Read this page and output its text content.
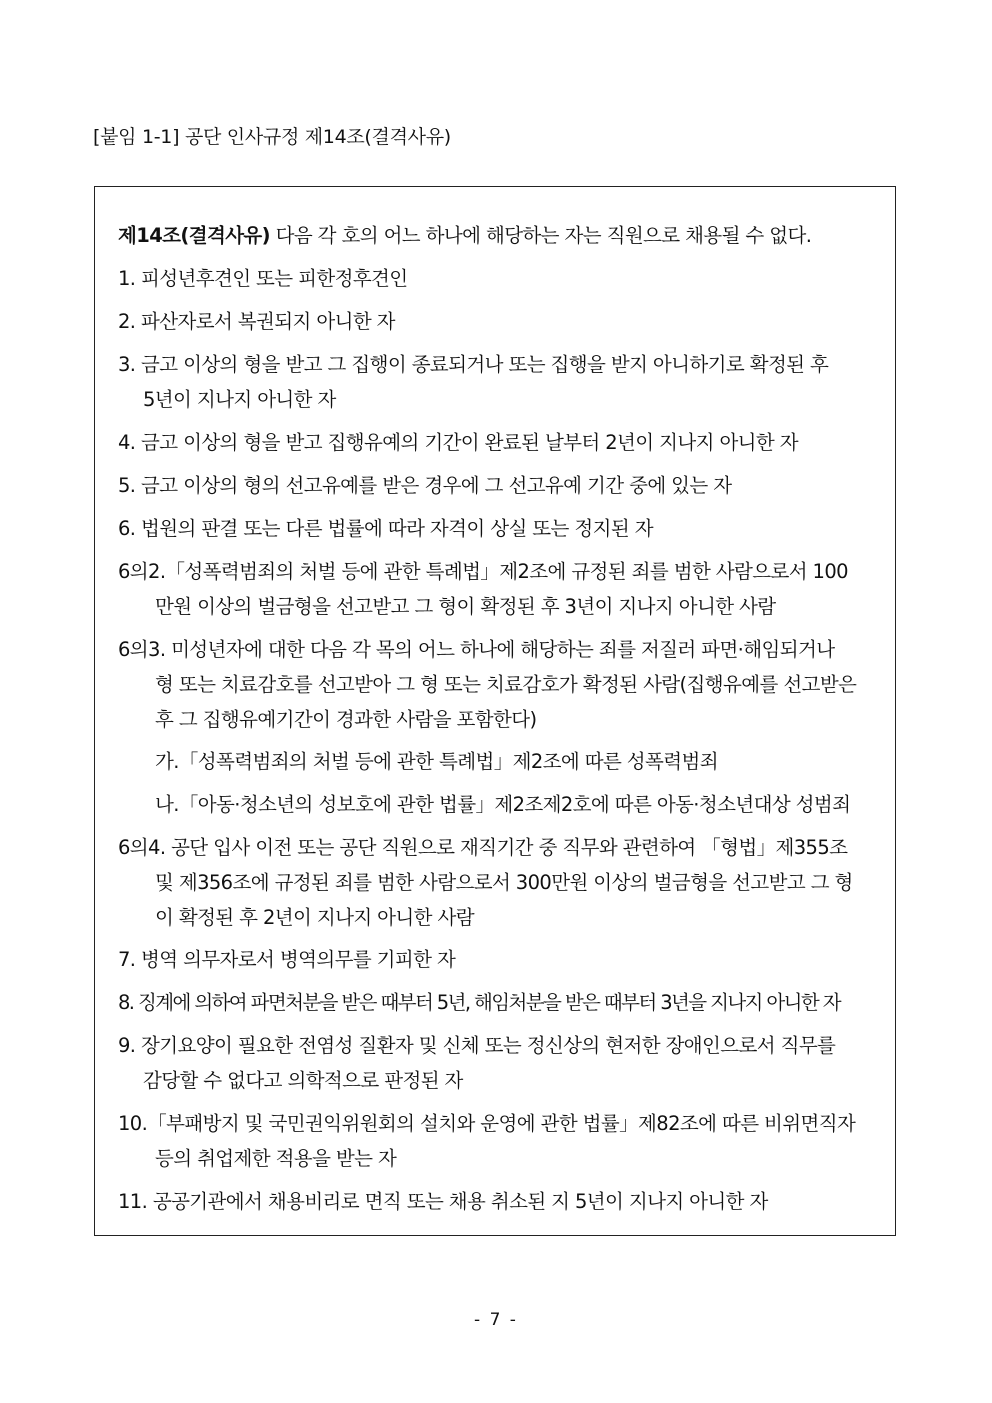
[붙임 1-1] 공단 인사규정 제14조(결격사유)
제14조(결격사유) 다음 각 호의 어느 하나에 해당하는 자는 직원으로 채용될 수 없다.
1. 피성년후견인 또는 피한정후견인
2. 파산자로서 복권되지 아니한 자
3. 금고 이상의 형을 받고 그 집행이 종료되거나 또는 집행을 받지 아니하기로 확정된 후
5년이 지나지 아니한 자
4. 금고 이상의 형을 받고 집행유예의 기간이 완료된 날부터 2년이 지나지 아니한 자
5. 금고 이상의 형의 선고유예를 받은 경우에 그 선고유예 기간 중에 있는 자
6. 법원의 판결 또는 다른 법률에 따라 자격이 상실 또는 정지된 자
6의2.「성폭력범죄의 처벌 등에 관한 특례법」제2조에 규정된 죄를 범한 사람으로서 100
만원 이상의 벌금형을 선고받고 그 형이 확정된 후 3년이 지나지 아니한 사람
6의3. 미성년자에 대한 다음 각 목의 어느 하나에 해당하는 죄를 저질러 파면·해임되거나
형 또는 치료감호를 선고받아 그 형 또는 치료감호가 확정된 사람(집행유예를 선고받은
후 그 집행유예기간이 경과한 사람을 포함한다)
가.「성폭력범죄의 처벌 등에 관한 특례법」제2조에 따른 성폭력범죄
나.「아동·청소년의 성보호에 관한 법률」제2조제2호에 따른 아동·청소년대상 성범죄
6의4. 공단 입사 이전 또는 공단 직원으로 재직기간 중 직무와 관련하여 「형법」제355조
및 제356조에 규정된 죄를 범한 사람으로서 300만원 이상의 벌금형을 선고받고 그 형
이 확정된 후 2년이 지나지 아니한 사람
7. 병역 의무자로서 병역의무를 기피한 자
8. 징계에 의하여 파면처분을 받은 때부터 5년, 해임처분을 받은 때부터 3년을 지나지 아니한 자
9. 장기요양이 필요한 전염성 질환자 및 신체 또는 정신상의 현저한 장애인으로서 직무를
감당할 수 없다고 의학적으로 판정된 자
10.「부패방지 및 국민권익위원회의 설치와 운영에 관한 법률」제82조에 따른 비위면직자
등의 취업제한 적용을 받는 자
11. 공공기관에서 채용비리로 면직 또는 채용 취소된 지 5년이 지나지 아니한 자
- 7 -
